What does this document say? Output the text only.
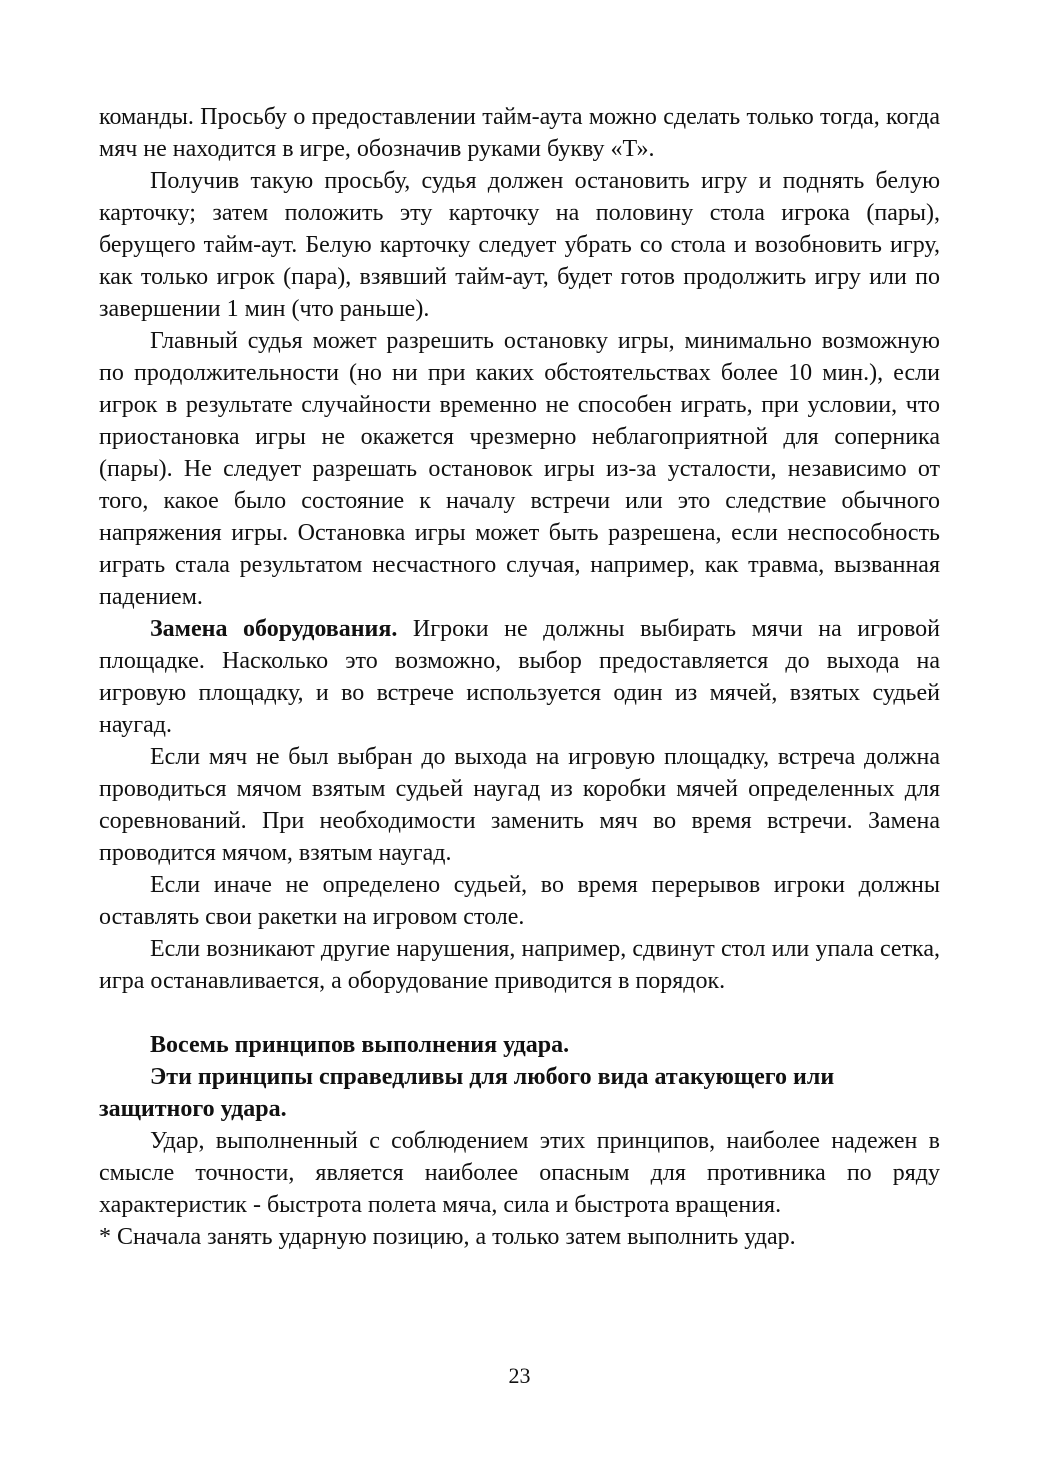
команды. Просьбу о предоставлении тайм-аута можно сделать только тогда, когда мяч не находится в игре, обозначив руками букву «Т».

Получив такую просьбу, судья должен остановить игру и поднять белую карточку; затем положить эту карточку на половину стола игрока (пары), берущего тайм-аут. Белую карточку следует убрать со стола и возобновить игру, как только игрок (пара), взявший тайм-аут, будет готов продолжить игру или по завершении 1 мин (что раньше).

Главный судья может разрешить остановку игры, минимально возможную по продолжительности (но ни при каких обстоятельствах более 10 мин.), если игрок в результате случайности временно не способен играть, при условии, что приостановка игры не окажется чрезмерно неблагоприятной для соперника (пары). Не следует разрешать остановок игры из-за усталости, независимо от того, какое было состояние к началу встречи или это следствие обычного напряжения игры. Остановка игры может быть разрешена, если неспособность играть стала результатом несчастного случая, например, как травма, вызванная падением.

Замена оборудования. Игроки не должны выбирать мячи на игровой площадке. Насколько это возможно, выбор предоставляется до выхода на игровую площадку, и во встрече используется один из мячей, взятых судьей наугад.

Если мяч не был выбран до выхода на игровую площадку, встреча должна проводиться мячом взятым судьей наугад из коробки мячей определенных для соревнований. При необходимости заменить мяч во время встречи. Замена проводится мячом, взятым наугад.

Если иначе не определено судьей, во время перерывов игроки должны оставлять свои ракетки на игровом столе.

Если возникают другие нарушения, например, сдвинут стол или упала сетка, игра останавливается, а оборудование приводится в порядок.

Восемь принципов выполнения удара.

Эти принципы справедливы для любого вида атакующего или защитного удара.

Удар, выполненный с соблюдением этих принципов, наиболее надежен в смысле точности, является наиболее опасным для противника по ряду характеристик - быстрота полета мяча, сила и быстрота вращения.

* Сначала занять ударную позицию, а только затем выполнить удар.

23
